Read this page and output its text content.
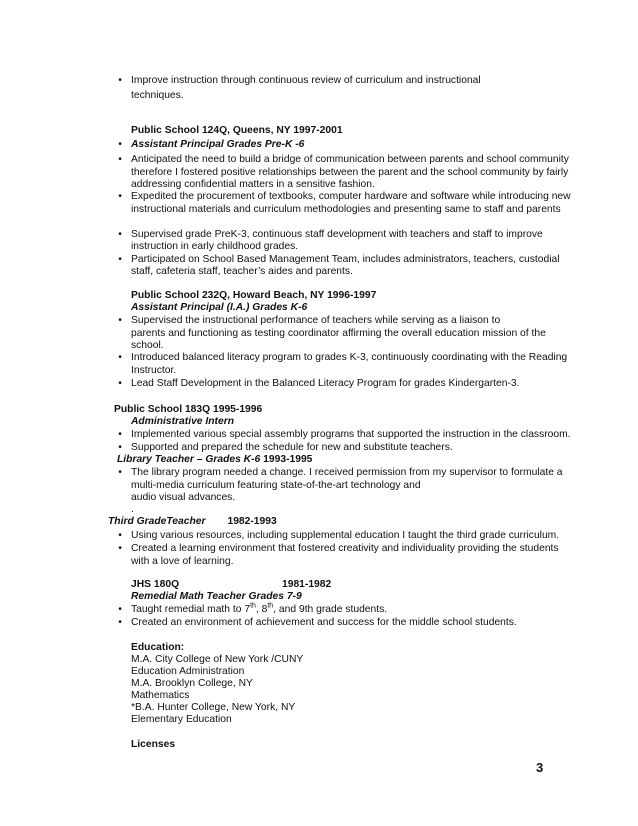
• Improve instruction through continuous review of curriculum and instructional
techniques.
Public School 124Q, Queens, NY 1997-2001
• Assistant Principal Grades Pre-K -6
• Anticipated the need to build a bridge of communication between parents and school community
therefore I fostered positive relationships between the parent and the school community by fairly
addressing confidential matters in a sensitive fashion.
• Expedited the procurement of textbooks, computer hardware and software while introducing new
instructional materials and curriculum methodologies and presenting same to staff and parents
• Supervised grade PreK-3, continuous staff development with teachers and staff to improve
instruction in early childhood grades.
• Participated on School Based Management Team, includes administrators, teachers, custodial
staff, cafeteria staff, teacher’s aides and parents.
Public School 232Q, Howard Beach, NY 1996-1997
Assistant Principal (I.A.) Grades K-6
• Supervised the instructional performance of teachers while serving as a liaison to
parents and functioning as testing coordinator affirming the overall education mission of the
school.
• Introduced balanced literacy program to grades K-3, continuously coordinating with the Reading
Instructor.
• Lead Staff Development in the Balanced Literacy Program for grades Kindergarten-3.
Public School 183Q 1995-1996
Administrative Intern
• Implemented various special assembly programs that supported the instruction in the classroom.
• Supported and prepared the schedule for new and substitute teachers.
Library Teacher – Grades K-6 1993-1995
• The library program needed a change. I received permission from my supervisor to formulate a
multi-media curriculum featuring state-of-the-art technology and
audio visual advances.
.
Third GradeTeacher 1982-1993
• Using various resources, including supplemental education I taught the third grade curriculum.
• Created a learning environment that fostered creativity and individuality providing the students
with a love of learning.
JHS 180Q	1981-1982
Remedial Math Teacher Grades 7-9
• Taught remedial math to 7th, 8th, and 9th grade students.
• Created an environment of achievement and success for the middle school students.
Education:
M.A. City College of New York /CUNY
Education Administration
M.A. Brooklyn College, NY
Mathematics
*B.A. Hunter College, New York, NY
Elementary Education
Licenses
3
